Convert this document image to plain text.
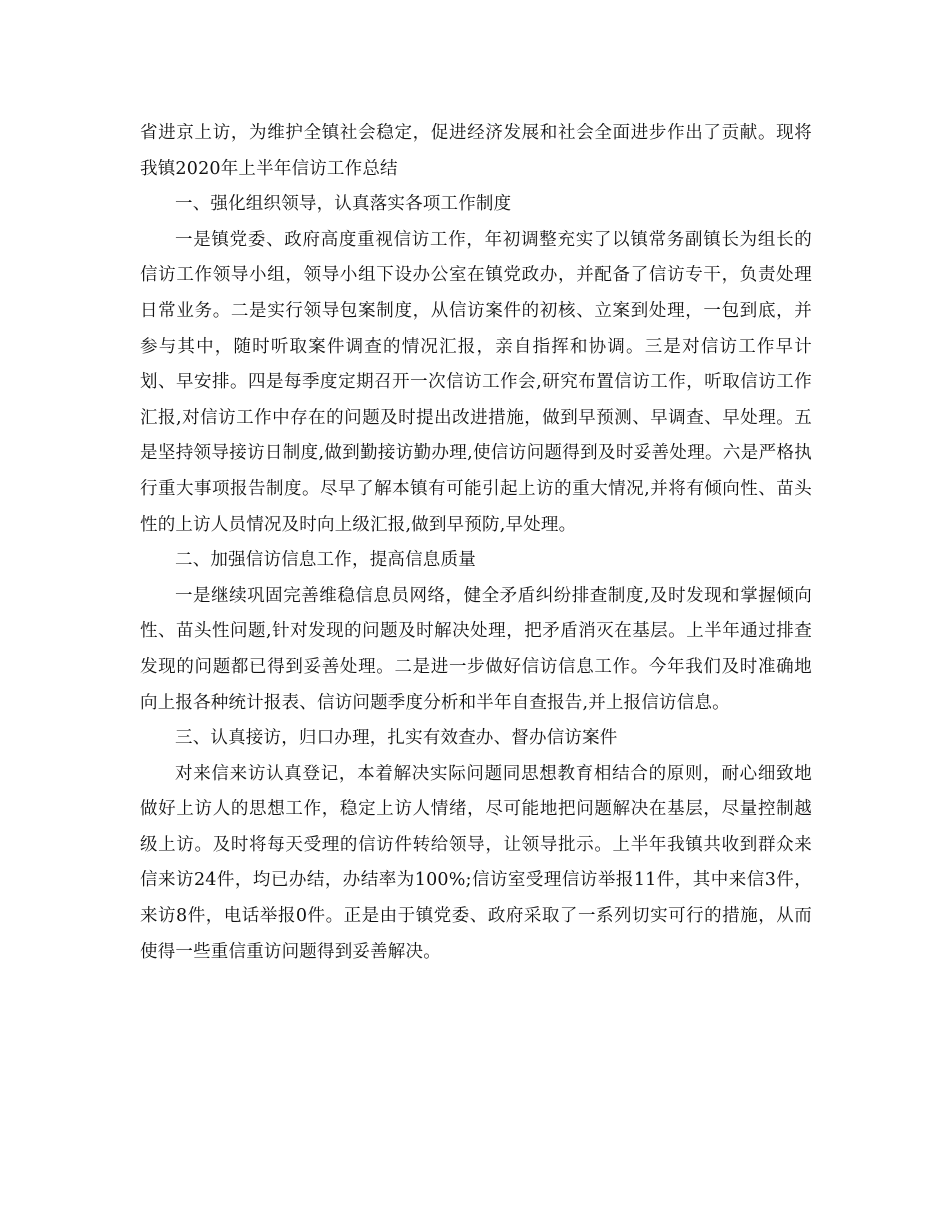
省进京上访，为维护全镇社会稳定，促进经济发展和社会全面进步作出了贡献。现将我镇2020年上半年信访工作总结

一、强化组织领导，认真落实各项工作制度

一是镇党委、政府高度重视信访工作，年初调整充实了以镇常务副镇长为组长的信访工作领导小组，领导小组下设办公室在镇党政办，并配备了信访专干，负责处理日常业务。二是实行领导包案制度，从信访案件的初核、立案到处理，一包到底，并参与其中，随时听取案件调查的情况汇报，亲自指挥和协调。三是对信访工作早计划、早安排。四是每季度定期召开一次信访工作会,研究布置信访工作，听取信访工作汇报,对信访工作中存在的问题及时提出改进措施，做到早预测、早调查、早处理。五是坚持领导接访日制度,做到勤接访勤办理,使信访问题得到及时妥善处理。六是严格执行重大事项报告制度。尽早了解本镇有可能引起上访的重大情况,并将有倾向性、苗头性的上访人员情况及时向上级汇报,做到早预防,早处理。

二、加强信访信息工作，提高信息质量

一是继续巩固完善维稳信息员网络，健全矛盾纠纷排查制度,及时发现和掌握倾向性、苗头性问题,针对发现的问题及时解决处理，把矛盾消灭在基层。上半年通过排查发现的问题都已得到妥善处理。二是进一步做好信访信息工作。今年我们及时准确地向上报各种统计报表、信访问题季度分析和半年自查报告,并上报信访信息。

三、认真接访，归口办理，扎实有效查办、督办信访案件

对来信来访认真登记，本着解决实际问题同思想教育相结合的原则，耐心细致地做好上访人的思想工作，稳定上访人情绪，尽可能地把问题解决在基层，尽量控制越级上访。及时将每天受理的信访件转给领导，让领导批示。上半年我镇共收到群众来信来访24件，均已办结，办结率为100%;信访室受理信访举报11件，其中来信3件，来访8件，电话举报0件。正是由于镇党委、政府采取了一系列切实可行的措施，从而使得一些重信重访问题得到妥善解决。
